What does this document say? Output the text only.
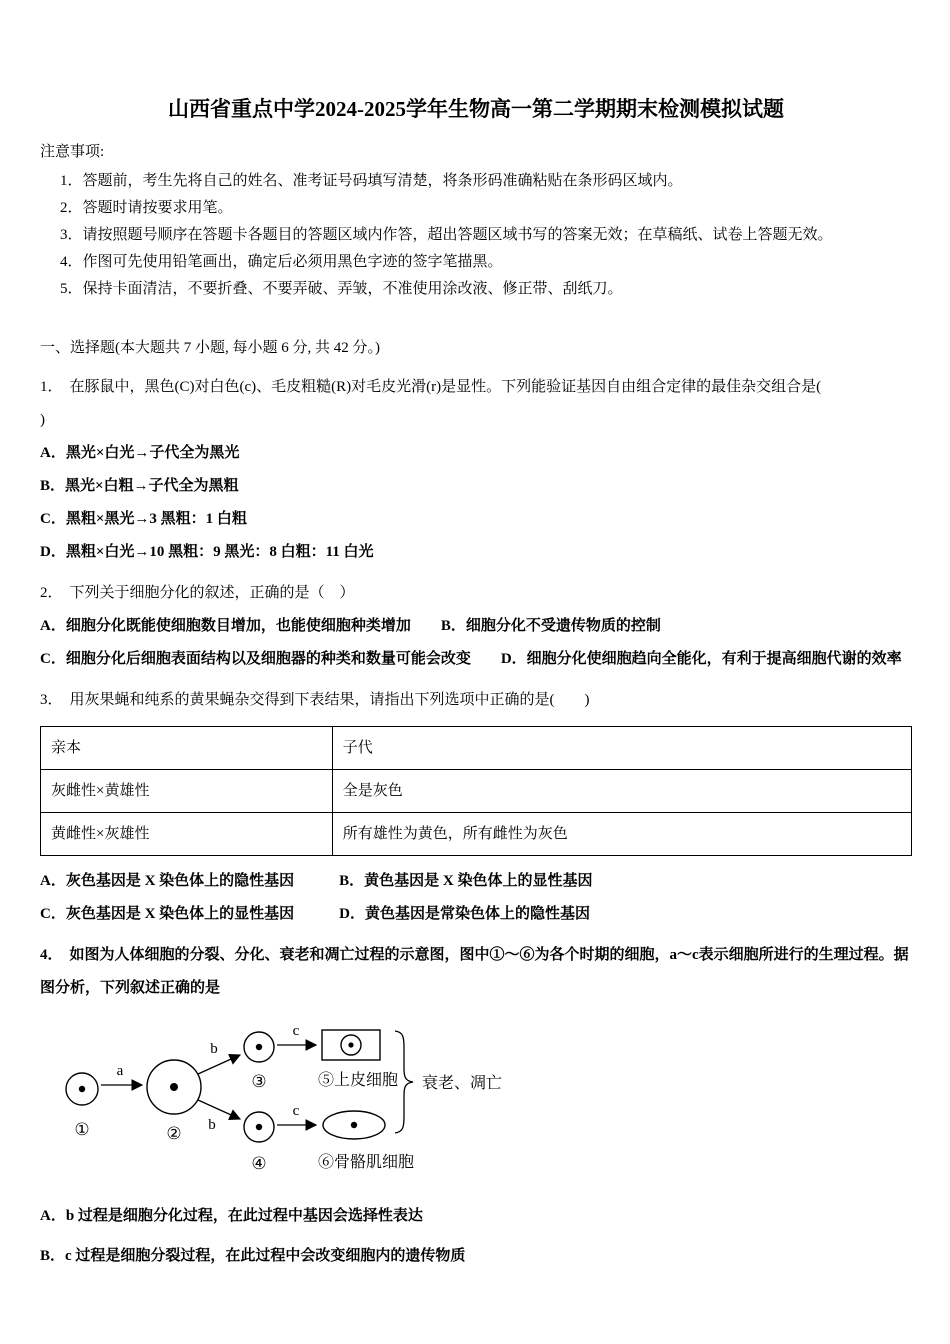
山西省重点中学2024-2025学年生物高一第二学期期末检测模拟试题

注意事项:

1．答题前，考生先将自己的姓名、准考证号码填写清楚，将条形码准确粘贴在条形码区域内。

2．答题时请按要求用笔。

3．请按照题号顺序在答题卡各题目的答题区域内作答，超出答题区域书写的答案无效；在草稿纸、试卷上答题无效。

4．作图可先使用铅笔画出，确定后必须用黑色字迹的签字笔描黑。

5．保持卡面清洁，不要折叠、不要弄破、弄皱，不准使用涂改液、修正带、刮纸刀。

一、选择题(本大题共 7 小题, 每小题 6 分, 共 42 分。)

1． 在豚鼠中，黑色(C)对白色(c)、毛皮粗糙(R)对毛皮光滑(r)是显性。下列能验证基因自由组合定律的最佳杂交组合是(
)

A．黑光×白光→子代全为黑光

B．黑光×白粗→子代全为黑粗

C．黑粗×黑光→3 黑粗：1 白粗

D．黑粗×白光→10 黑粗：9 黑光：8 白粗：11 白光

2． 下列关于细胞分化的叙述，正确的是（　）

A．细胞分化既能使细胞数目增加，也能使细胞种类增加　　B．细胞分化不受遗传物质的控制

C．细胞分化后细胞表面结构以及细胞器的种类和数量可能会改变　　D．细胞分化使细胞趋向全能化，有利于提高细胞代谢的效率

3． 用灰果蝇和纯系的黄果蝇杂交得到下表结果，请指出下列选项中正确的是(　　)

亲本	子代
灰雌性×黄雄性	全是灰色
黄雌性×灰雄性	所有雄性为黄色，所有雌性为灰色

A．灰色基因是 X 染色体上的隐性基因　　　B．黄色基因是 X 染色体上的显性基因

C．灰色基因是 X 染色体上的显性基因　　　D．黄色基因是常染色体上的隐性基因

4． 如图为人体细胞的分裂、分化、衰老和凋亡过程的示意图，图中①～⑥为各个时期的细胞，a～c表示细胞所进行的生理过程。据图分析，下列叙述正确的是

①
a
②
b
③
b
④
c
⑤上皮细胞
c
⑥骨骼肌细胞
衰老、凋亡

A．b 过程是细胞分化过程，在此过程中基因会选择性表达

B．c 过程是细胞分裂过程，在此过程中会改变细胞内的遗传物质
